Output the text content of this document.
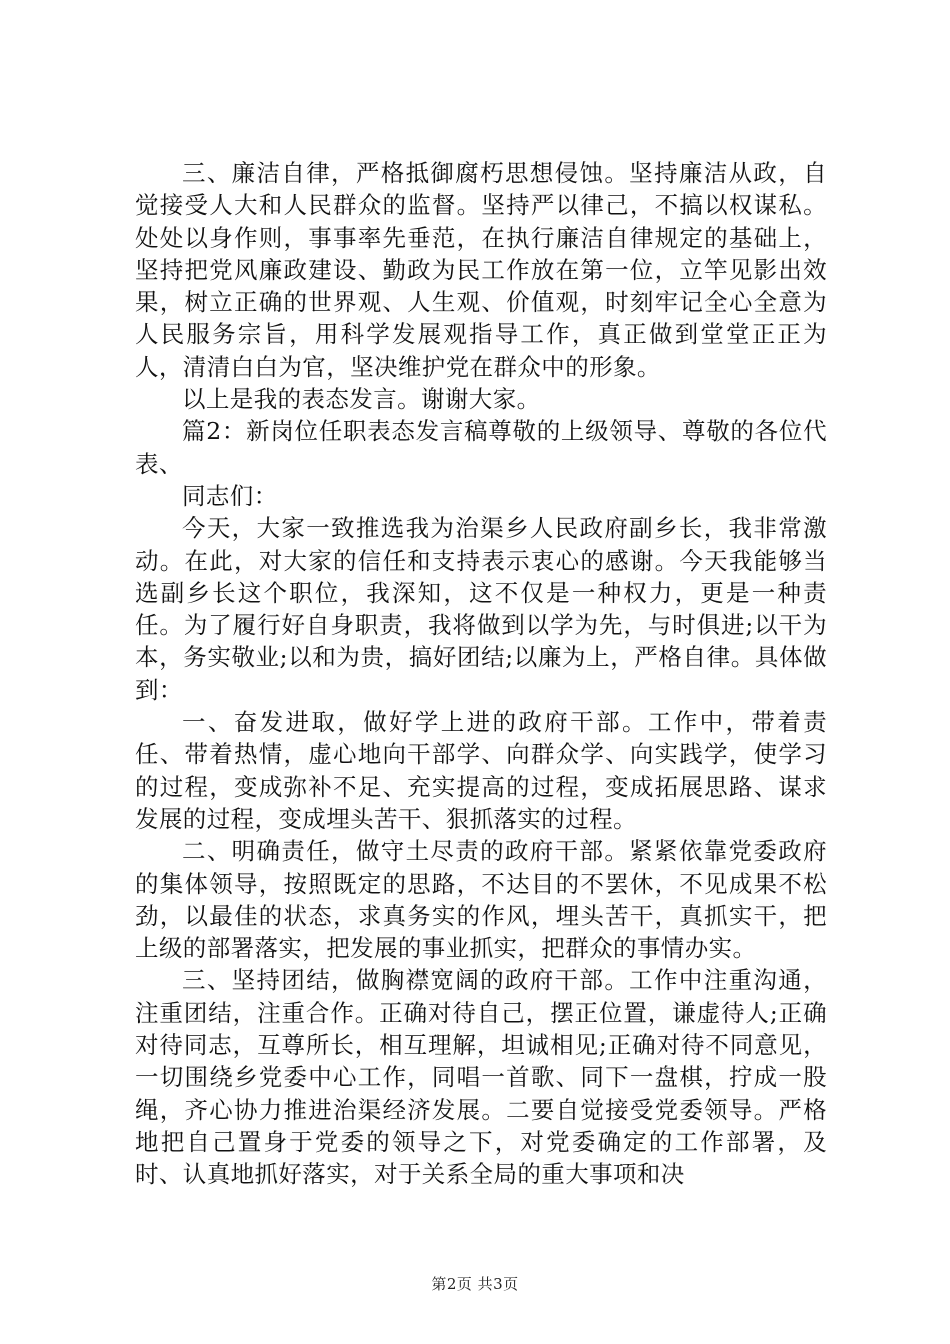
三、廉洁自律，严格抵御腐朽思想侵蚀。坚持廉洁从政，自觉接受人大和人民群众的监督。坚持严以律己，不搞以权谋私。处处以身作则，事事率先垂范，在执行廉洁自律规定的基础上，坚持把党风廉政建设、勤政为民工作放在第一位，立竿见影出效果，树立正确的世界观、人生观、价值观，时刻牢记全心全意为人民服务宗旨，用科学发展观指导工作，真正做到堂堂正正为人，清清白白为官，坚决维护党在群众中的形象。

以上是我的表态发言。谢谢大家。

篇2：新岗位任职表态发言稿尊敬的上级领导、尊敬的各位代表、

同志们：

今天，大家一致推选我为治渠乡人民政府副乡长，我非常激动。在此，对大家的信任和支持表示衷心的感谢。今天我能够当选副乡长这个职位，我深知，这不仅是一种权力，更是一种责任。为了履行好自身职责，我将做到以学为先，与时俱进;以干为本，务实敬业;以和为贵，搞好团结;以廉为上，严格自律。具体做到：

一、奋发进取，做好学上进的政府干部。工作中，带着责任、带着热情，虚心地向干部学、向群众学、向实践学，使学习的过程，变成弥补不足、充实提高的过程，变成拓展思路、谋求发展的过程，变成埋头苦干、狠抓落实的过程。

二、明确责任，做守土尽责的政府干部。紧紧依靠党委政府的集体领导，按照既定的思路，不达目的不罢休，不见成果不松劲，以最佳的状态，求真务实的作风，埋头苦干，真抓实干，把上级的部署落实，把发展的事业抓实，把群众的事情办实。

三、坚持团结，做胸襟宽阔的政府干部。工作中注重沟通，注重团结，注重合作。正确对待自己，摆正位置，谦虚待人;正确对待同志，互尊所长，相互理解，坦诚相见;正确对待不同意见，一切围绕乡党委中心工作，同唱一首歌、同下一盘棋，拧成一股绳，齐心协力推进治渠经济发展。二要自觉接受党委领导。严格地把自己置身于党委的领导之下，对党委确定的工作部署，及时、认真地抓好落实，对于关系全局的重大事项和决

第2页 共3页
